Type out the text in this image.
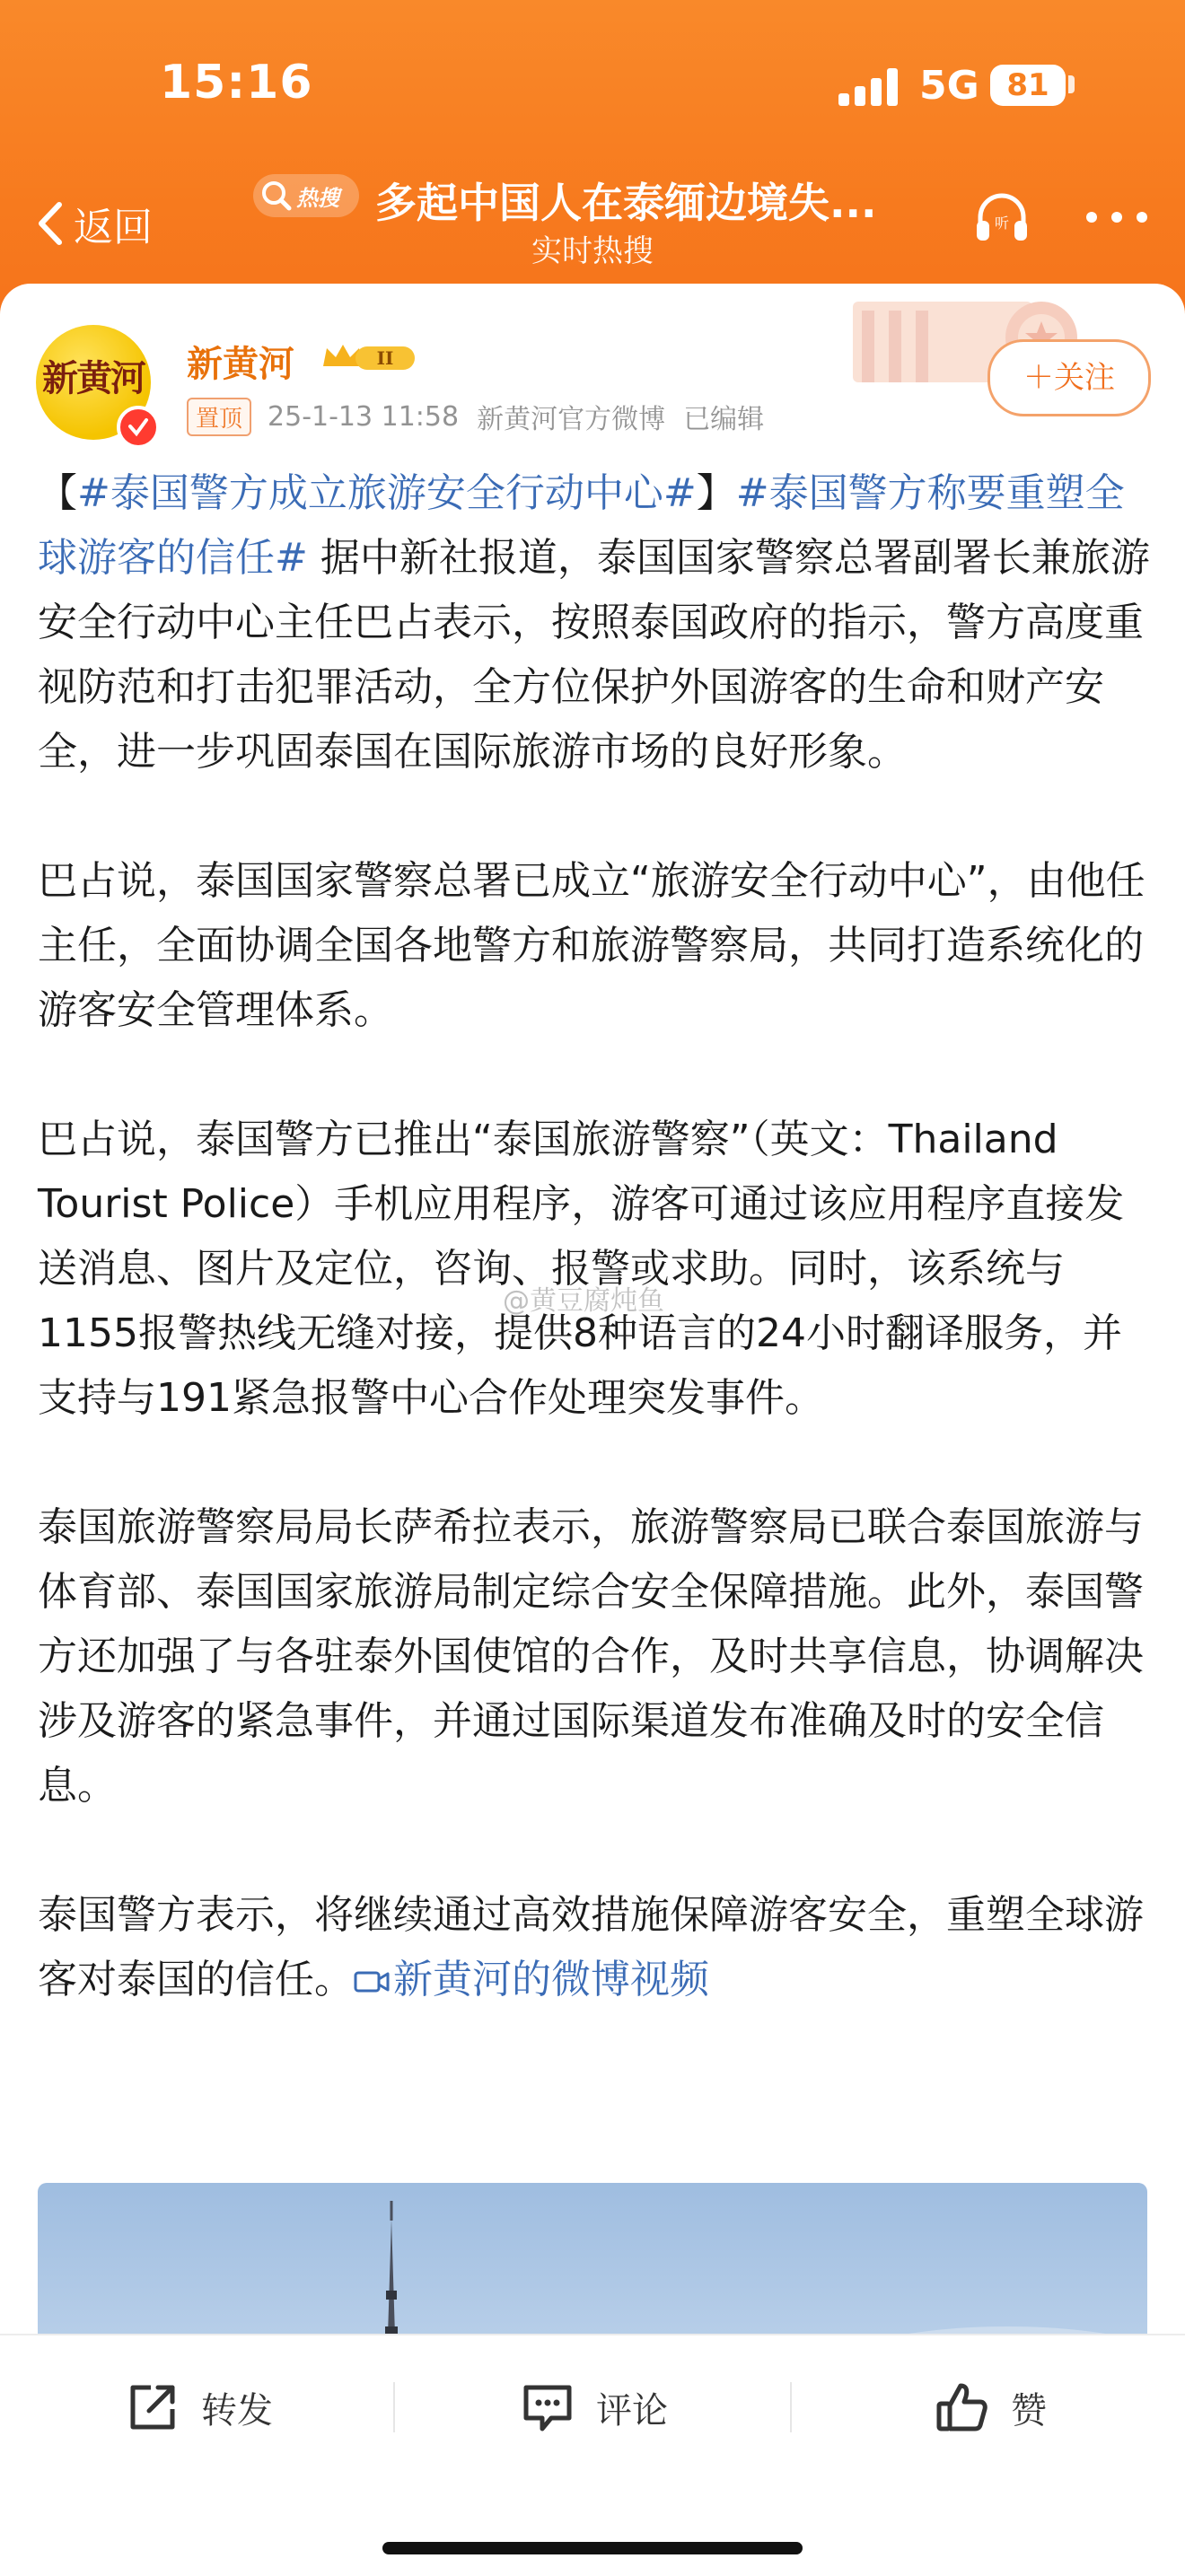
15:16	5G 81
返回
热搜 多起中国人在泰缅边境失...
实时热搜
听
新黄河 新黄河	II
置顶 25-1-13 11:58 新黄河官方微博 已编辑
＋关注

【#泰国警方成立旅游安全行动中心#】#泰国警方称要重塑全球游客的信任# 据中新社报道，泰国国家警察总署副署长兼旅游安全行动中心主任巴占表示，按照泰国政府的指示，警方高度重视防范和打击犯罪活动，全方位保护外国游客的生命和财产安全，进一步巩固泰国在国际旅游市场的良好形象。

巴占说，泰国国家警察总署已成立“旅游安全行动中心”，由他任主任，全面协调全国各地警方和旅游警察局，共同打造系统化的游客安全管理体系。

巴占说，泰国警方已推出“泰国旅游警察”（英文：Thailand Tourist Police）手机应用程序，游客可通过该应用程序直接发送消息、图片及定位，咨询、报警或求助。同时，该系统与1155报警热线无缝对接，提供8种语言的24小时翻译服务，并支持与191紧急报警中心合作处理突发事件。

泰国旅游警察局局长萨希拉表示，旅游警察局已联合泰国旅游与体育部、泰国国家旅游局制定综合安全保障措施。此外，泰国警方还加强了与各驻泰外国使馆的合作，及时共享信息，协调解决涉及游客的紧急事件，并通过国际渠道发布准确及时的安全信息。

泰国警方表示，将继续通过高效措施保障游客安全，重塑全球游客对泰国的信任。 新黄河的微博视频

@黄豆腐炖鱼
转发	评论	赞
